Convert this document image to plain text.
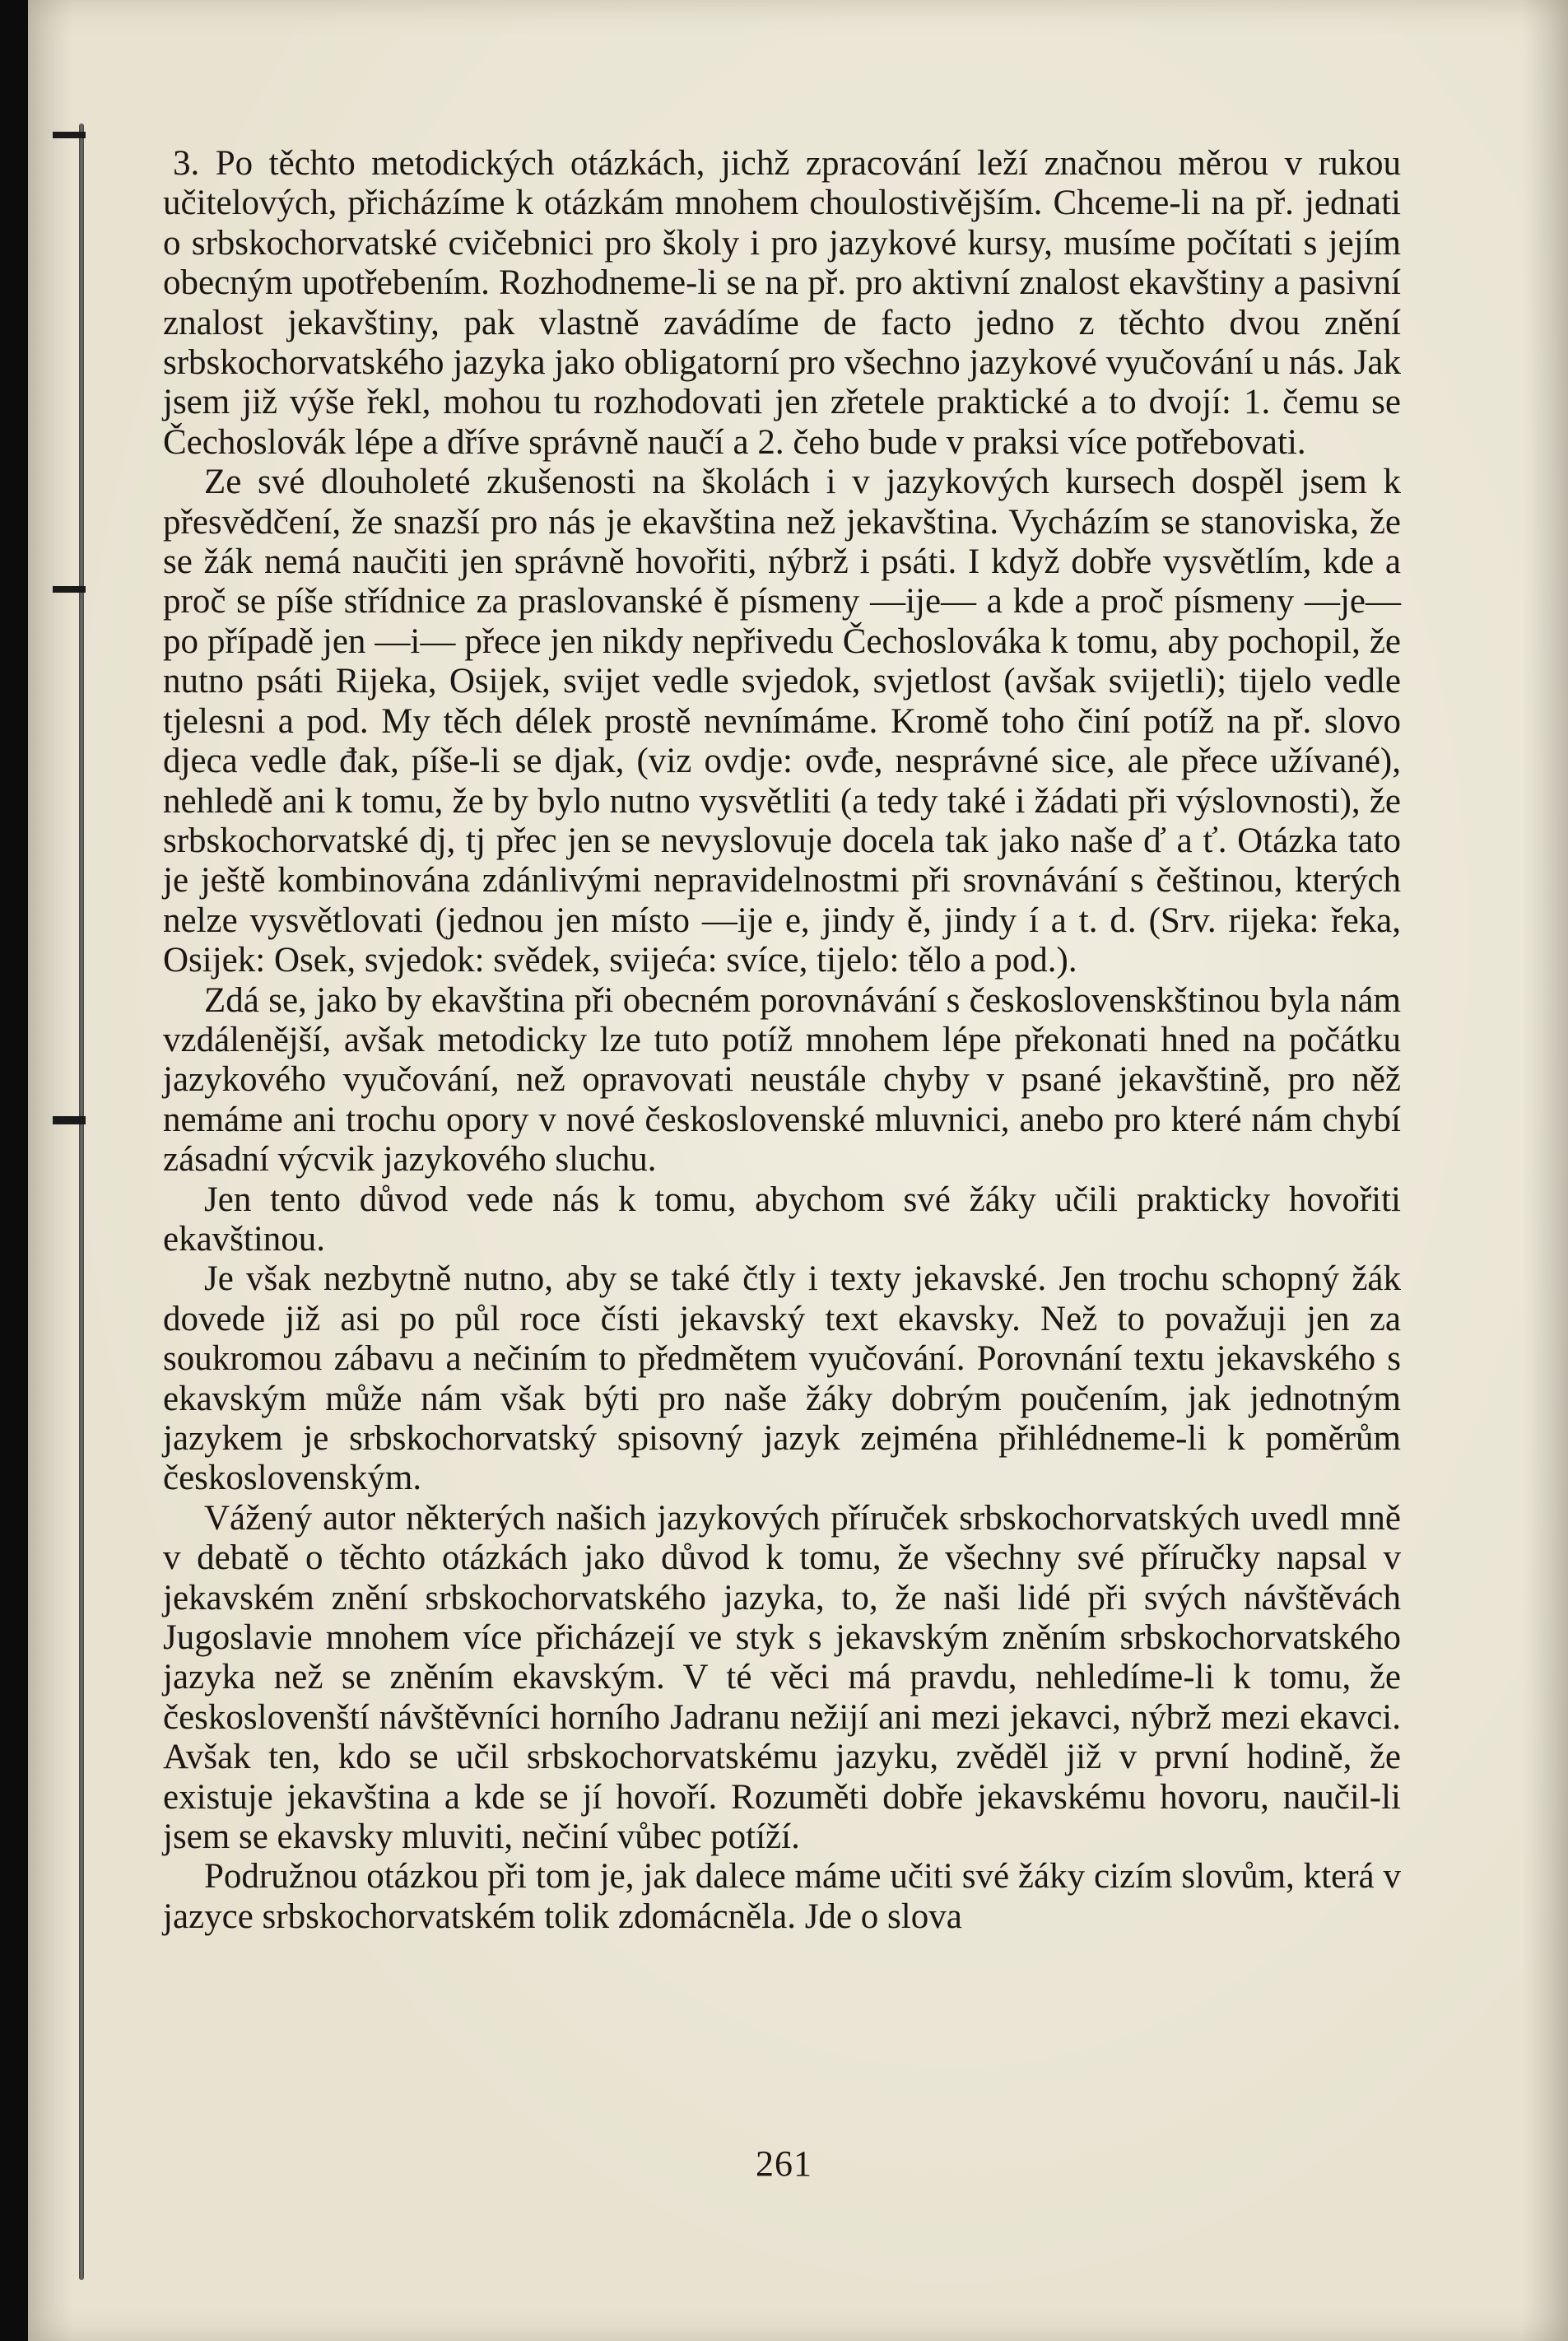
3. Po těchto metodických otázkách, jichž zpracování leží značnou měrou v rukou učitelových, přicházíme k otázkám mnohem choulostivějším. Chceme-li na př. jednati o srbskochorvatské cvičebnici pro školy i pro jazykové kursy, musíme počítati s jejím obecným upotřebením. Rozhodneme-li se na př. pro aktivní znalost ekavštiny a pasivní znalost jekavštiny, pak vlastně zavádíme de facto jedno z těchto dvou znění srbskochorvatského jazyka jako obligatorní pro všechno jazykové vyučování u nás. Jak jsem již výše řekl, mohou tu rozhodovati jen zřetele praktické a to dvojí: 1. čemu se Čechoslovák lépe a dříve správně naučí a 2. čeho bude v praksi více potřebovati.

Ze své dlouholeté zkušenosti na školách i v jazykových kursech dospěl jsem k přesvědčení, že snazší pro nás je ekavština než jekavština. Vycházím se stanoviska, že se žák nemá naučiti jen správně hovořiti, nýbrž i psáti. I když dobře vysvětlím, kde a proč se píše střídnice za praslovanské ě písmeny —ije— a kde a proč písmeny —je— po případě jen —i— přece jen nikdy nepřivedu Čechoslováka k tomu, aby pochopil, že nutno psáti Rijeka, Osijek, svijet vedle svjedok, svjetlost (avšak svijetli); tijelo vedle tjelesni a pod. My těch délek prostě nevnímáme. Kromě toho činí potíž na př. slovo djeca vedle đak, píše-li se djak, (viz ovdje: ovđe, nesprávné sice, ale přece užívané), nehledě ani k tomu, že by bylo nutno vysvětliti (a tedy také i žádati při výslovnosti), že srbskochorvatské dj, tj přec jen se nevyslovuje docela tak jako naše ď a ť. Otázka tato je ještě kombinována zdánlivými nepravidelnostmi při srovnávání s češtinou, kterých nelze vysvětlovati (jednou jen místo —ije e, jindy ě, jindy í a t. d. (Srv. rijeka: řeka, Osijek: Osek, svjedok: svědek, svijeća: svíce, tijelo: tělo a pod.).

Zdá se, jako by ekavština při obecném porovnávání s československštinou byla nám vzdálenější, avšak metodicky lze tuto potíž mnohem lépe překonati hned na počátku jazykového vyučování, než opravovati neustále chyby v psané jekavštině, pro něž nemáme ani trochu opory v nové československé mluvnici, anebo pro které nám chybí zásadní výcvik jazykového sluchu.

Jen tento důvod vede nás k tomu, abychom své žáky učili prakticky hovořiti ekavštinou.

Je však nezbytně nutno, aby se také čtly i texty jekavské. Jen trochu schopný žák dovede již asi po půl roce čísti jekavský text ekavsky. Než to považuji jen za soukromou zábavu a nečiním to předmětem vyučování. Porovnání textu jekavského s ekavským může nám však býti pro naše žáky dobrým poučením, jak jednotným jazykem je srbskochorvatský spisovný jazyk zejména přihlédneme-li k poměrům československým.

Vážený autor některých našich jazykových příruček srbskochorvatských uvedl mně v debatě o těchto otázkách jako důvod k tomu, že všechny své příručky napsal v jekavském znění srbskochorvatského jazyka, to, že naši lidé při svých návštěvách Jugoslavie mnohem více přicházejí ve styk s jekavským zněním srbskochorvatského jazyka než se zněním ekavským. V té věci má pravdu, nehledíme-li k tomu, že českoslovenští návštěvníci horního Jadranu nežijí ani mezi jekavci, nýbrž mezi ekavci. Avšak ten, kdo se učil srbskochorvatskému jazyku, zvěděl již v první hodině, že existuje jekavština a kde se jí hovoří. Rozuměti dobře jekavskému hovoru, naučil-li jsem se ekavsky mluviti, nečiní vůbec potíží.

Podružnou otázkou při tom je, jak dalece máme učiti své žáky cizím slovům, která v jazyce srbskochorvatském tolik zdomácněla. Jde o slova

261
